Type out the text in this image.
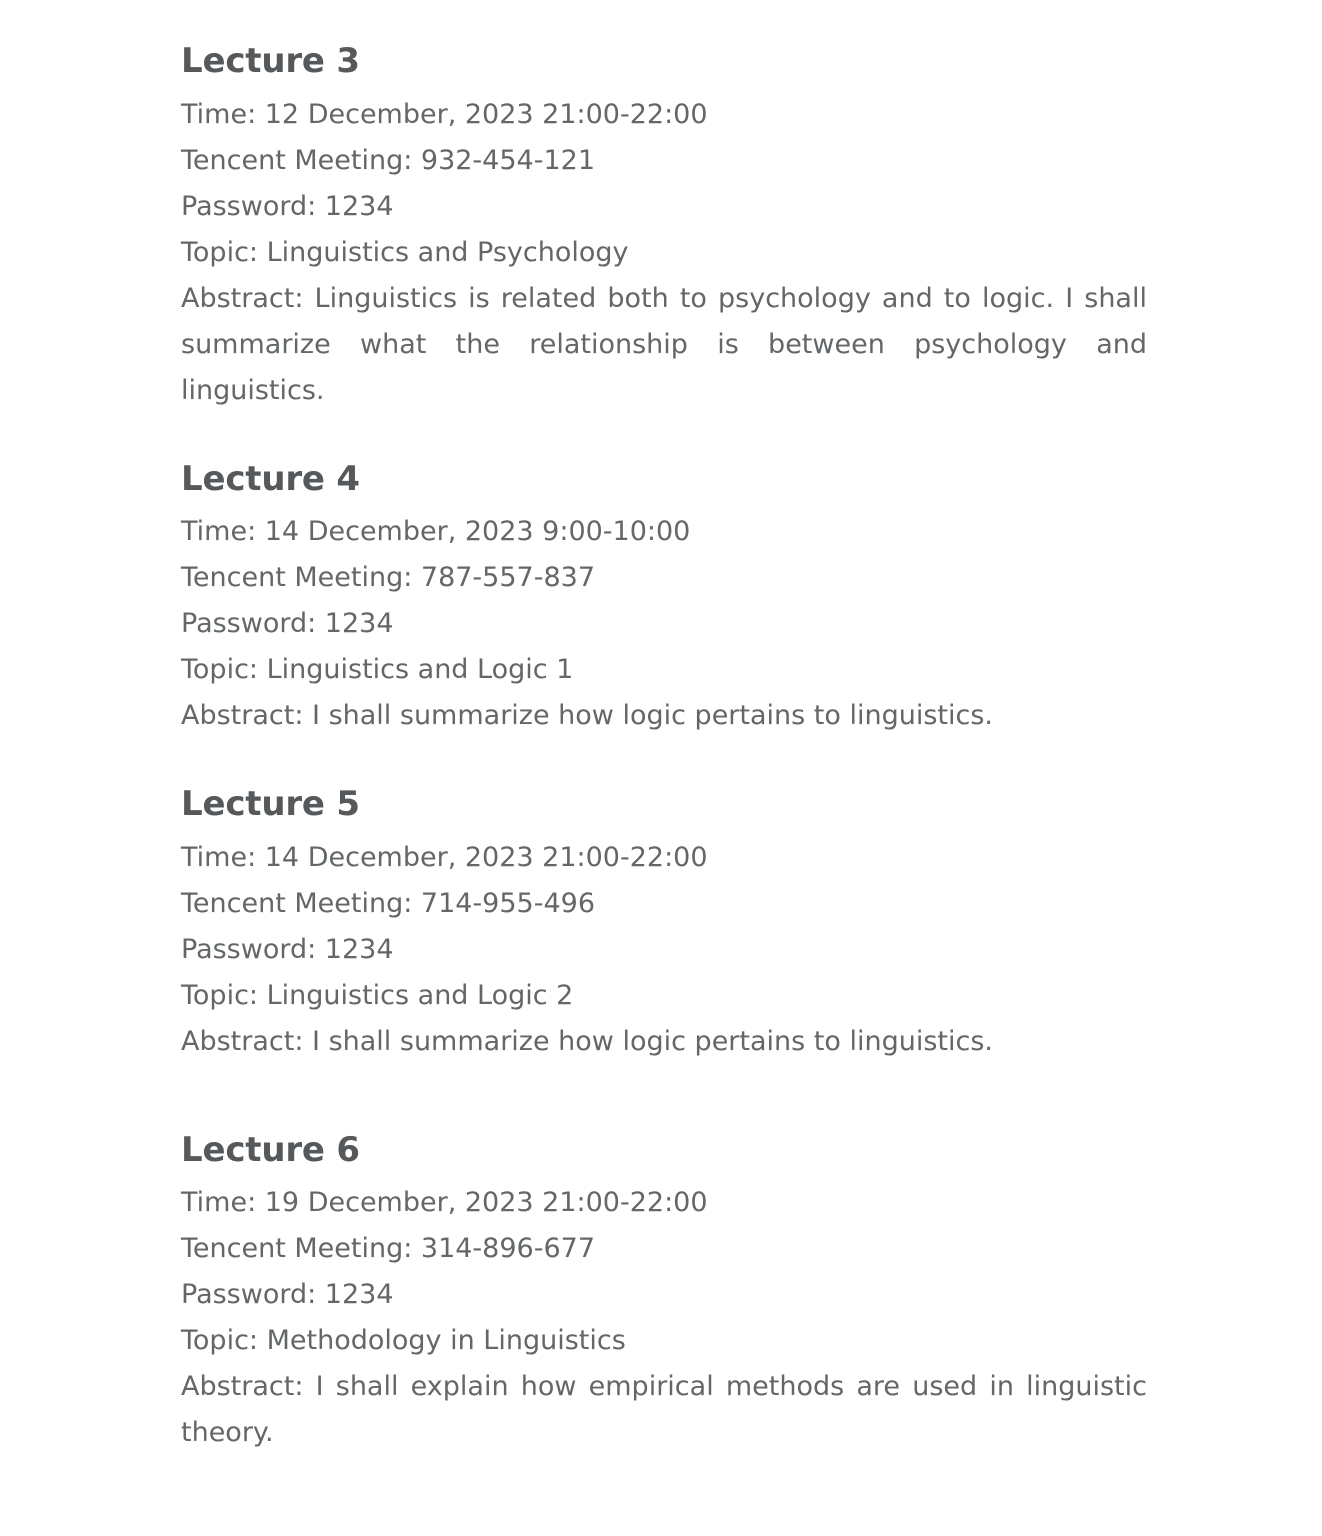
Lecture 3

Time: 12 December, 2023 21:00-22:00

Tencent Meeting: 932-454-121

Password: 1234

Topic: Linguistics and Psychology

Abstract: Linguistics is related both to psychology and to logic. I shall summarize what the relationship is between psychology and linguistics.

Lecture 4

Time: 14 December, 2023 9:00-10:00

Tencent Meeting: 787-557-837

Password: 1234

Topic: Linguistics and Logic 1

Abstract: I shall summarize how logic pertains to linguistics.

Lecture 5

Time: 14 December, 2023 21:00-22:00

Tencent Meeting: 714-955-496

Password: 1234

Topic: Linguistics and Logic 2

Abstract: I shall summarize how logic pertains to linguistics.

Lecture 6

Time: 19 December, 2023 21:00-22:00

Tencent Meeting: 314-896-677

Password: 1234

Topic: Methodology in Linguistics

Abstract: I shall explain how empirical methods are used in linguistic theory.
